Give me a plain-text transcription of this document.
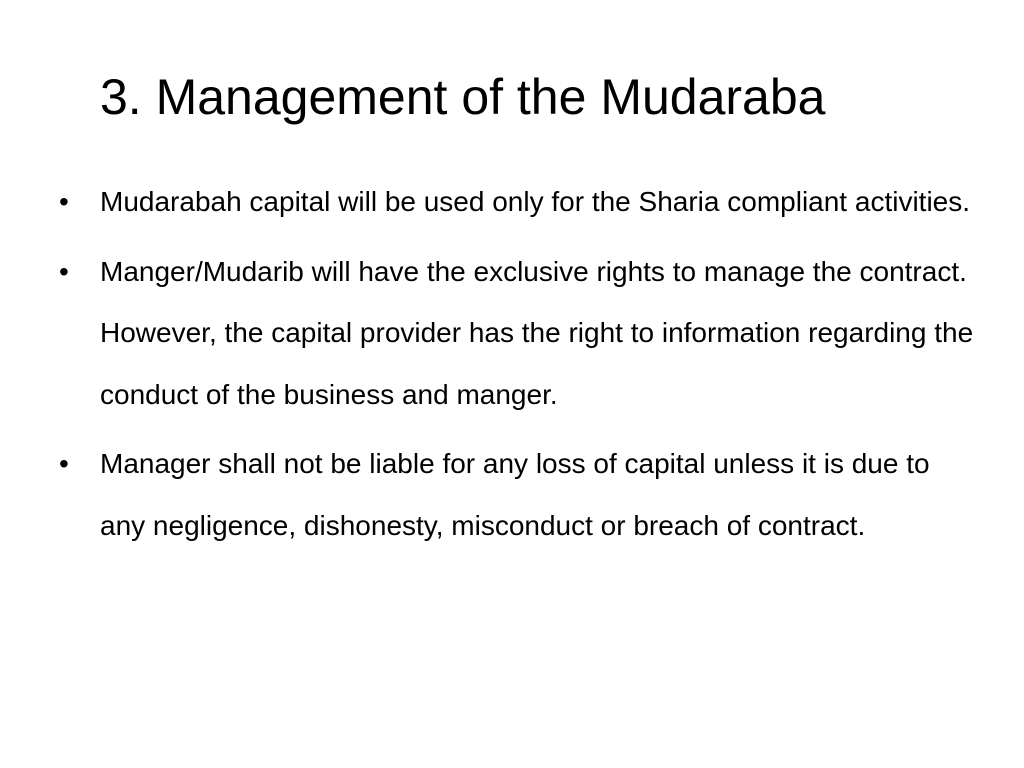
3. Management of the Mudaraba
• Mudarabah capital will be used only for the Sharia compliant activities.
• Manger/Mudarib will have the exclusive rights to manage the contract. However, the capital provider has the right to information regarding the conduct of the business and manger.
• Manager shall not be liable for any loss of capital unless it is due to any negligence, dishonesty, misconduct or breach of contract.
